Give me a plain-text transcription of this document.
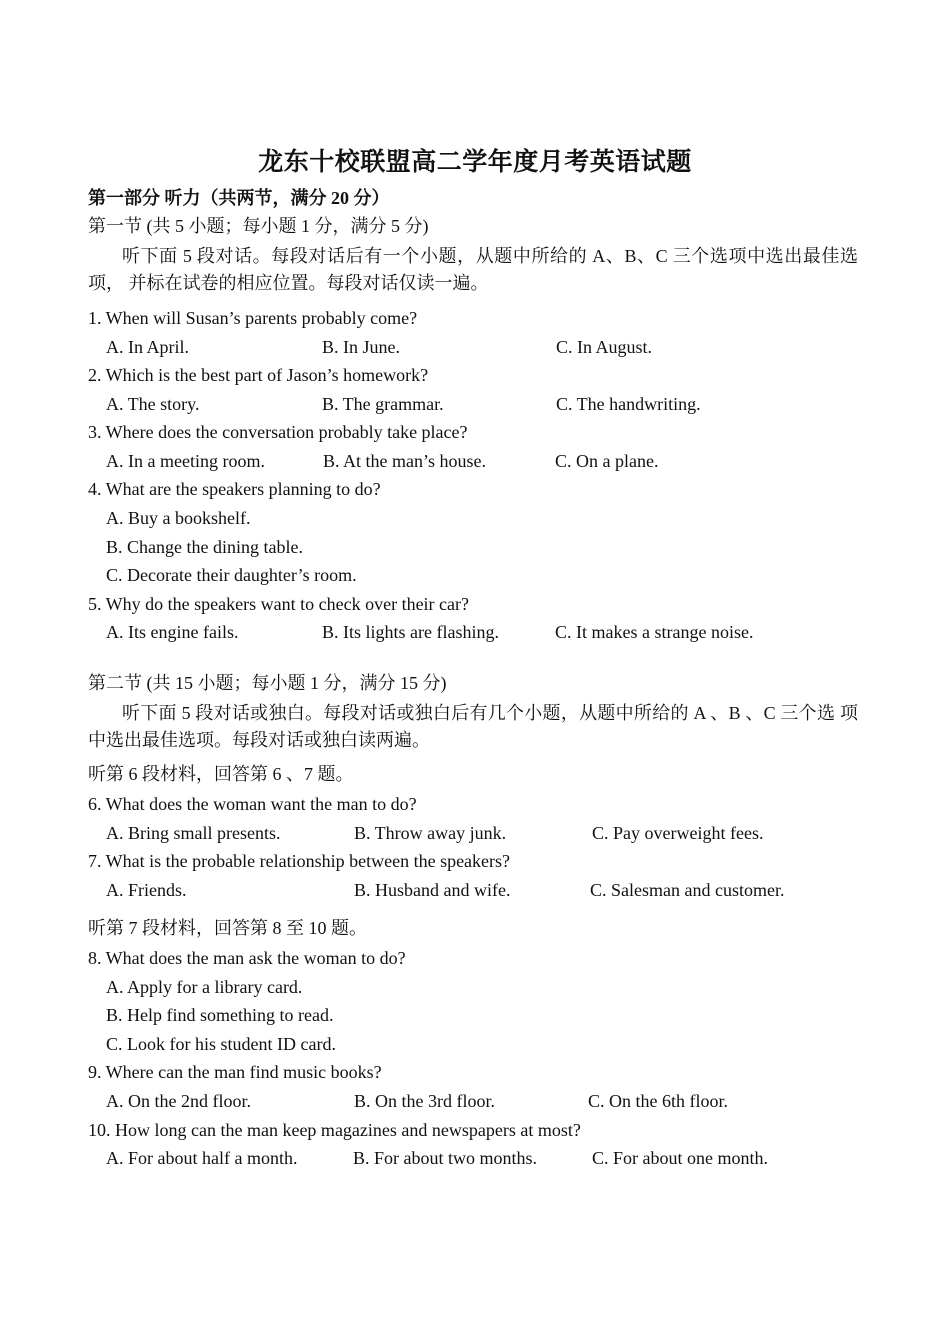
龙东十校联盟高二学年度月考英语试题
第一部分 听力（共两节，满分 20 分）
第一节 (共 5 小题；每小题 1 分，满分 5 分)
听下面 5 段对话。每段对话后有一个小题，从题中所给的 A、B、C 三个选项中选出最佳选项， 并标在试卷的相应位置。每段对话仅读一遍。
1. When will Susan’s parents probably come?
A. In April.	B. In June.	C. In August.
2. Which is the best part of Jason’s homework?
A. The story.	B. The grammar.	C. The handwriting.
3. Where does the conversation probably take place?
A. In a meeting room.	B. At the man’s house.	C. On a plane.
4. What are the speakers planning to do?
A. Buy a bookshelf.
B. Change the dining table.
C. Decorate their daughter’s room.
5. Why do the speakers want to check over their car?
A. Its engine fails.	B. Its lights are flashing.	C. It makes a strange noise.
第二节 (共 15 小题；每小题 1 分，满分 15 分)
听下面 5 段对话或独白。每段对话或独白后有几个小题，从题中所给的 A 、B 、C 三个选 项中选出最佳选项。每段对话或独白读两遍。
听第 6 段材料，回答第 6 、7 题。
6. What does the woman want the man to do?
A. Bring small presents.	B. Throw away junk.	C. Pay overweight fees.
7. What is the probable relationship between the speakers?
A. Friends.	B. Husband and wife.	C. Salesman and customer.
听第 7 段材料，回答第 8 至 10 题。
8. What does the man ask the woman to do?
A. Apply for a library card.
B. Help find something to read.
C. Look for his student ID card.
9. Where can the man find music books?
A. On the 2nd floor.	B. On the 3rd floor.	C. On the 6th floor.
10. How long can the man keep magazines and newspapers at most?
A. For about half a month.	B. For about two months.	C. For about one month.
